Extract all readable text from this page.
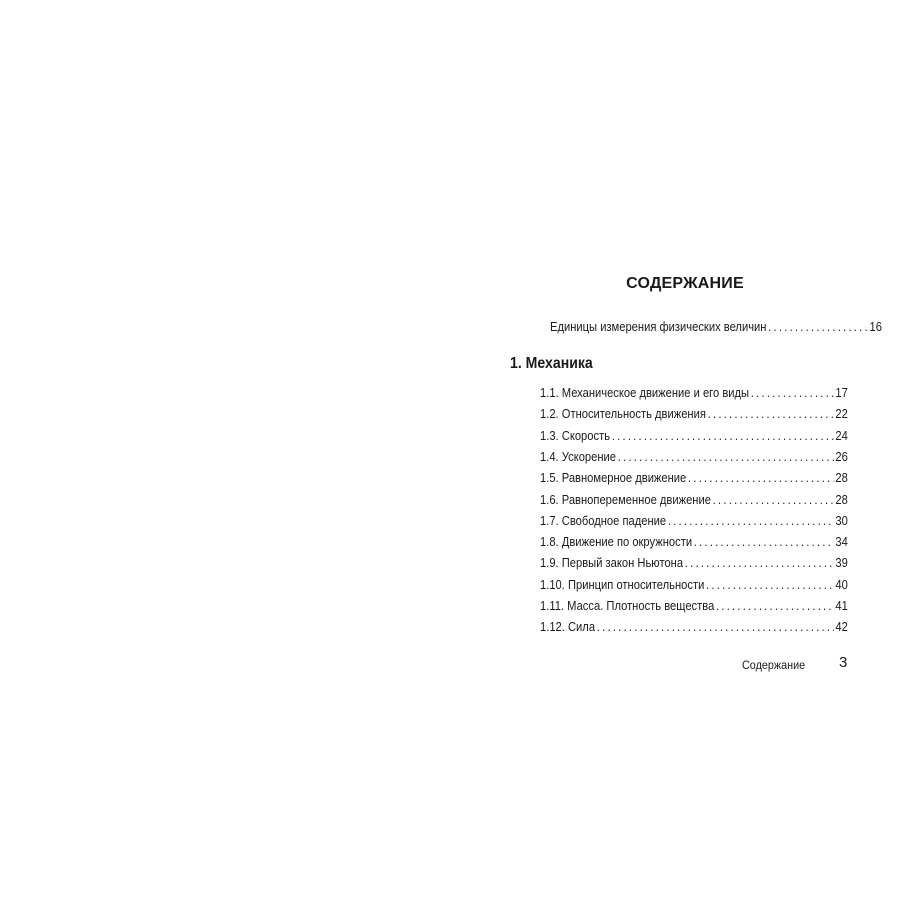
СОДЕРЖАНИЕ
Единицы измерения физических величин . . .	16
1. Механика
1.1. Механическое движение и его виды . . .	17
1.2. Относительность движения . . .	22
1.3. Скорость . . .	24
1.4. Ускорение . . .	26
1.5. Равномерное движение . . .	28
1.6. Равнопеременное движение . . .	28
1.7. Свободное падение . . .	30
1.8. Движение по окружности . . .	34
1.9. Первый закон Ньютона . . .	39
1.10. Принцип относительности . . .	40
1.11. Масса. Плотность вещества . . .	41
1.12. Сила . . .	42
Содержание 3
